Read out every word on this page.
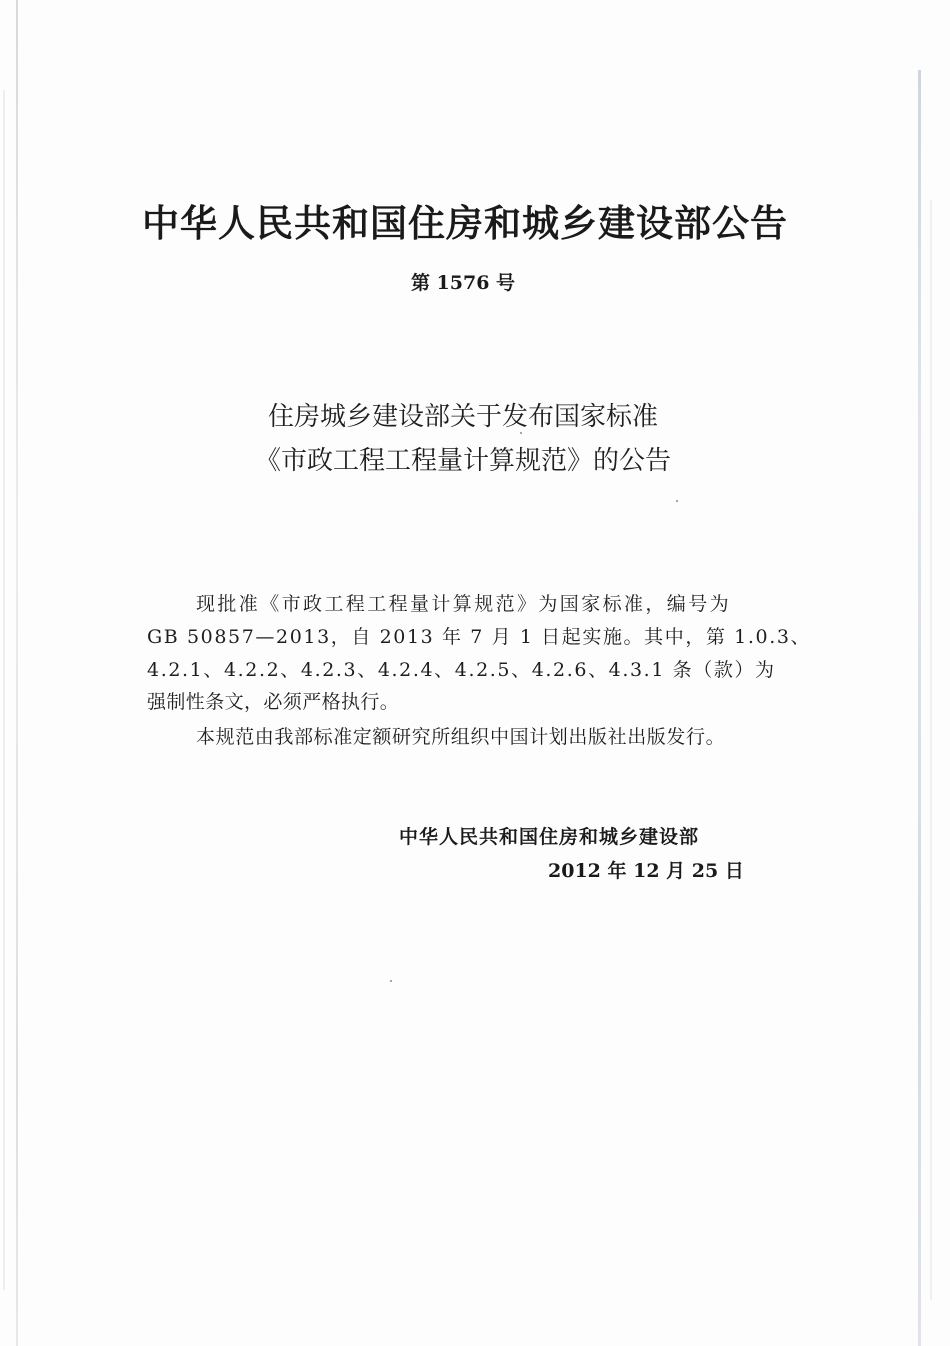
中华人民共和国住房和城乡建设部公告
第 1576 号
住房城乡建设部关于发布国家标准
《市政工程工程量计算规范》的公告
现批准《市政工程工程量计算规范》为国家标准，编号为
GB 50857—2013，自 2013 年 7 月 1 日起实施。其中，第 1.0.3、
4.2.1、4.2.2、4.2.3、4.2.4、4.2.5、4.2.6、4.3.1 条（款）为
强制性条文，必须严格执行。
本规范由我部标准定额研究所组织中国计划出版社出版发行。
中华人民共和国住房和城乡建设部
2012 年 12 月 25 日
